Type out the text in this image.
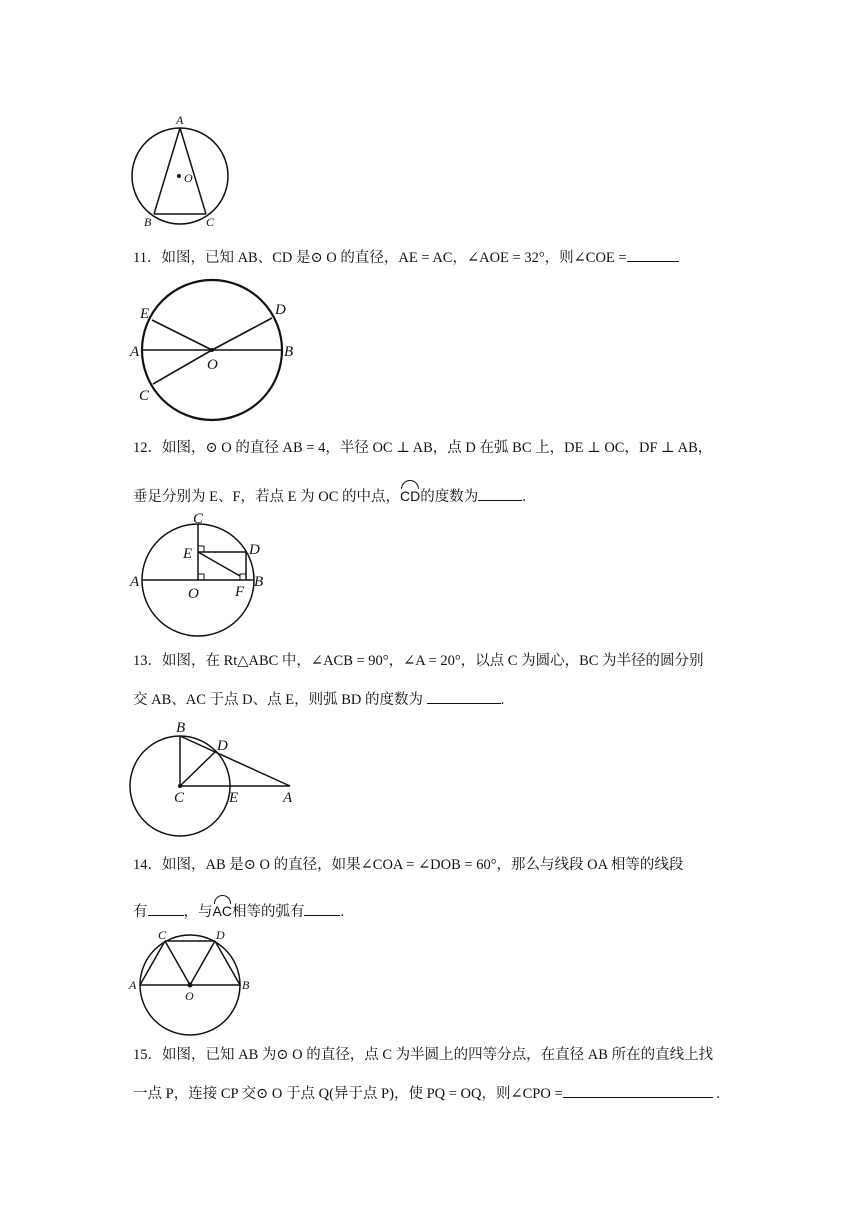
A
O
B	C
11．如图，已知 AB、CD 是⊙ O 的直径，AE = AC，∠AOE = 32°，则∠COE =
E	D
A	B
O
C
12．如图，⊙ O 的直径 AB = 4，半径 OC ⊥ AB，点 D 在弧 BC 上，DE ⊥ OC，DF ⊥ AB，
垂足分别为 E、F，若点 E 为 OC 的中点，CD的度数为	.
C
D
E
A	B
O F
13．如图，在 Rt△ABC 中，∠ACB = 90°，∠A = 20°，以点 C 为圆心，BC 为半径的圆分别
交 AB、AC 于点 D、点 E，则弧 BD 的度数为	.
B
D
C	E	A
14．如图，AB 是⊙ O 的直径，如果∠COA = ∠DOB = 60°，那么与线段 OA 相等的线段
有 ，与AC相等的弧有 .
C	D
A	B
O
15．如图，已知 AB 为⊙ O 的直径，点 C 为半圆上的四等分点，在直径 AB 所在的直线上找
一点 P，连接 CP 交⊙ O 于点 Q(异于点 P)，使 PQ = OQ，则∠CPO =	.
